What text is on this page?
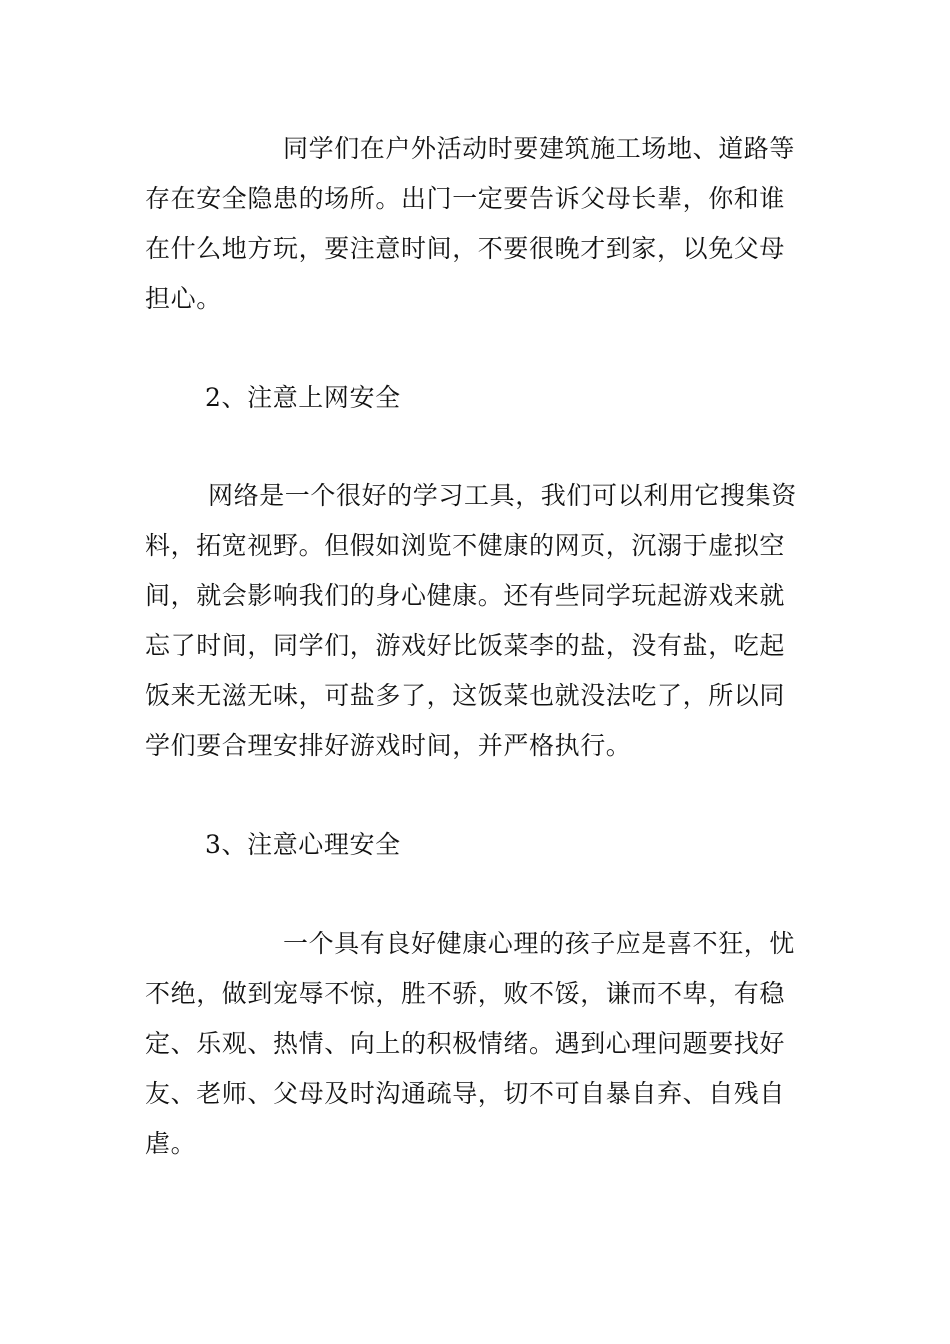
同学们在户外活动时要建筑施工场地、道路等
存在安全隐患的场所。出门一定要告诉父母长辈，你和谁
在什么地方玩，要注意时间，不要很晚才到家，以免父母
担心。
2、注意上网安全
网络是一个很好的学习工具，我们可以利用它搜集资
料，拓宽视野。但假如浏览不健康的网页，沉溺于虚拟空
间，就会影响我们的身心健康。还有些同学玩起游戏来就
忘了时间，同学们，游戏好比饭菜李的盐，没有盐，吃起
饭来无滋无味，可盐多了，这饭菜也就没法吃了，所以同
学们要合理安排好游戏时间，并严格执行。
3、注意心理安全
一个具有良好健康心理的孩子应是喜不狂，忧
不绝，做到宠辱不惊，胜不骄，败不馁，谦而不卑，有稳
定、乐观、热情、向上的积极情绪。遇到心理问题要找好
友、老师、父母及时沟通疏导，切不可自暴自弃、自残自
虐。
